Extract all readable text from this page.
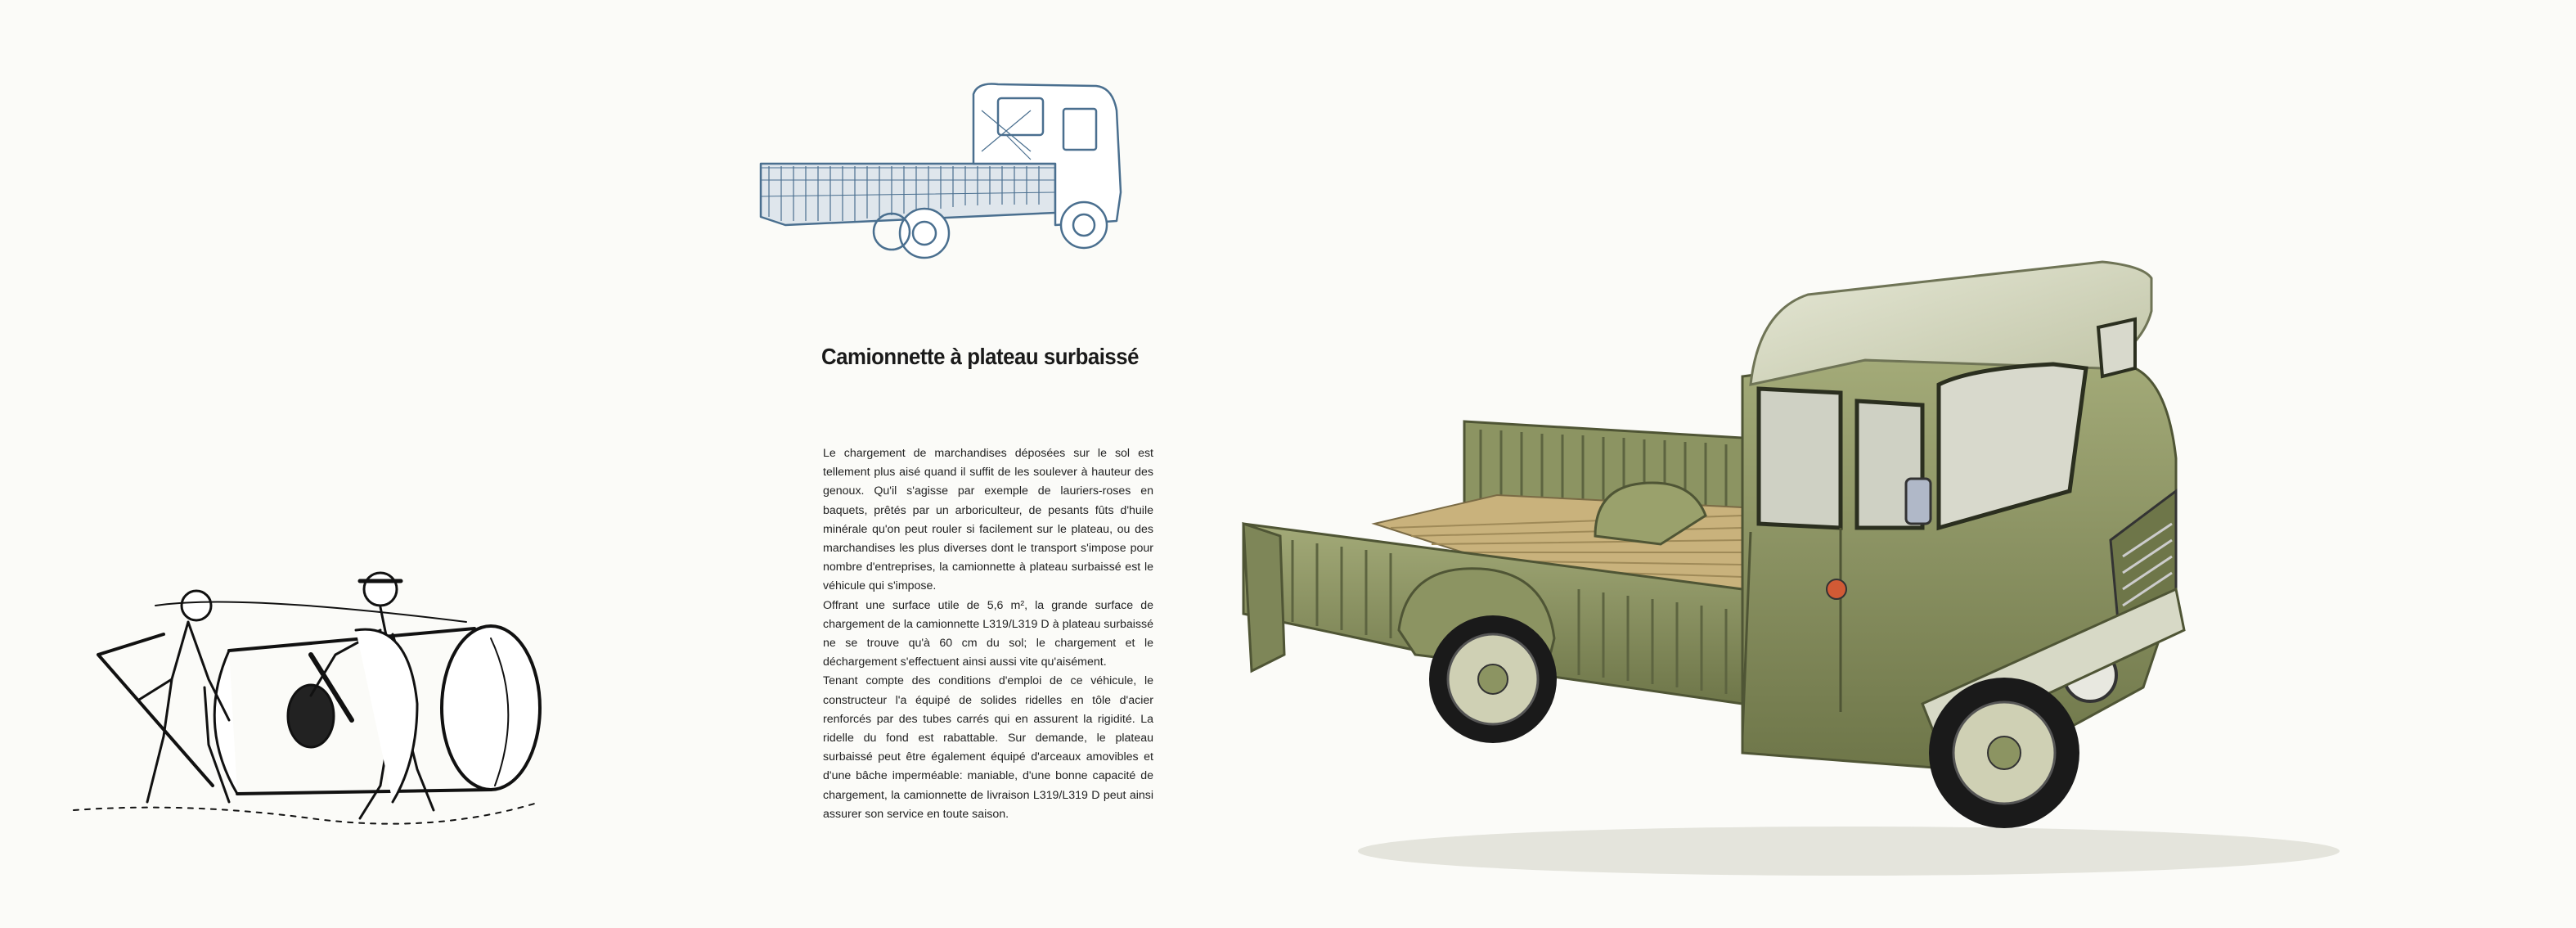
Camionnette à plateau surbaissé

Le chargement de marchandises déposées sur le sol est tellement plus aisé quand il suffit de les soulever à hauteur des genoux. Qu'il s'agisse par exemple de lauriers-roses en baquets, prêtés par un arboriculteur, de pesants fûts d'huile minérale qu'on peut rouler si facilement sur le plateau, ou des marchandises les plus diverses dont le transport s'impose pour nombre d'entreprises, la camionnette à plateau surbaissé est le véhicule qui s'impose.

Offrant une surface utile de 5,6 m², la grande surface de chargement de la camionnette L319/L319 D à plateau surbaissé ne se trouve qu'à 60 cm du sol; le chargement et le déchargement s'effectuent ainsi aussi vite qu'aisément.

Tenant compte des conditions d'emploi de ce véhicule, le constructeur l'a équipé de solides ridelles en tôle d'acier renforcés par des tubes carrés qui en assurent la rigidité. La ridelle du fond est rabattable. Sur demande, le plateau surbaissé peut être également équipé d'arceaux amovibles et d'une bâche imperméable: maniable, d'une bonne capacité de chargement, la camionnette de livraison L319/L319 D peut ainsi assurer son service en toute saison.
